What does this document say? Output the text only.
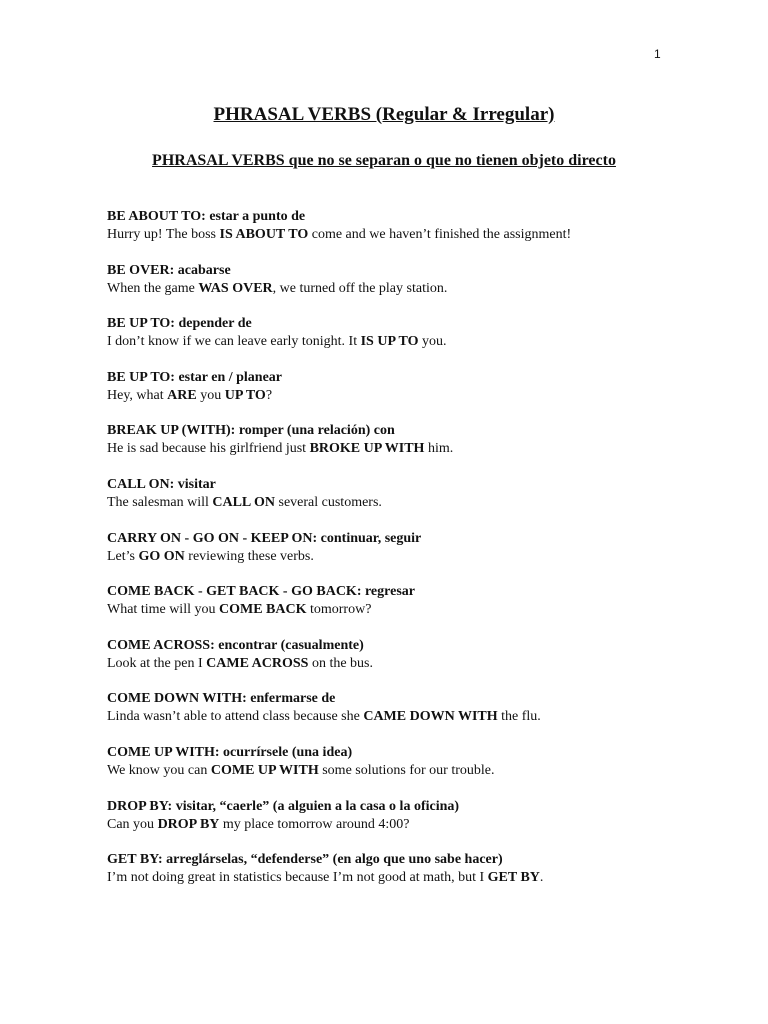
1
PHRASAL VERBS (Regular & Irregular)
PHRASAL VERBS que no se separan o que no tienen objeto directo
BE ABOUT TO: estar a punto de
Hurry up! The boss IS ABOUT TO come and we haven’t finished the assignment!
BE OVER: acabarse
When the game WAS OVER, we turned off the play station.
BE UP TO: depender de
I don’t know if we can leave early tonight. It IS UP TO you.
BE UP TO: estar en / planear
Hey, what ARE you UP TO?
BREAK UP (WITH): romper (una relación) con
He is sad because his girlfriend just BROKE UP WITH him.
CALL ON: visitar
The salesman will CALL ON several customers.
CARRY ON - GO ON - KEEP ON: continuar, seguir
Let’s GO ON reviewing these verbs.
COME BACK - GET BACK - GO BACK: regresar
What time will you COME BACK tomorrow?
COME ACROSS: encontrar (casualmente)
Look at the pen I CAME ACROSS on the bus.
COME DOWN WITH: enfermarse de
Linda wasn’t able to attend class because she CAME DOWN WITH the flu.
COME UP WITH: ocurrírsele (una idea)
We know you can COME UP WITH some solutions for our trouble.
DROP BY: visitar, “caerle” (a alguien a la casa o la oficina)
Can you DROP BY my place tomorrow around 4:00?
GET BY: arreglárselas, “defenderse” (en algo que uno sabe hacer)
I’m not doing great in statistics because I’m not good at math, but I GET BY.
